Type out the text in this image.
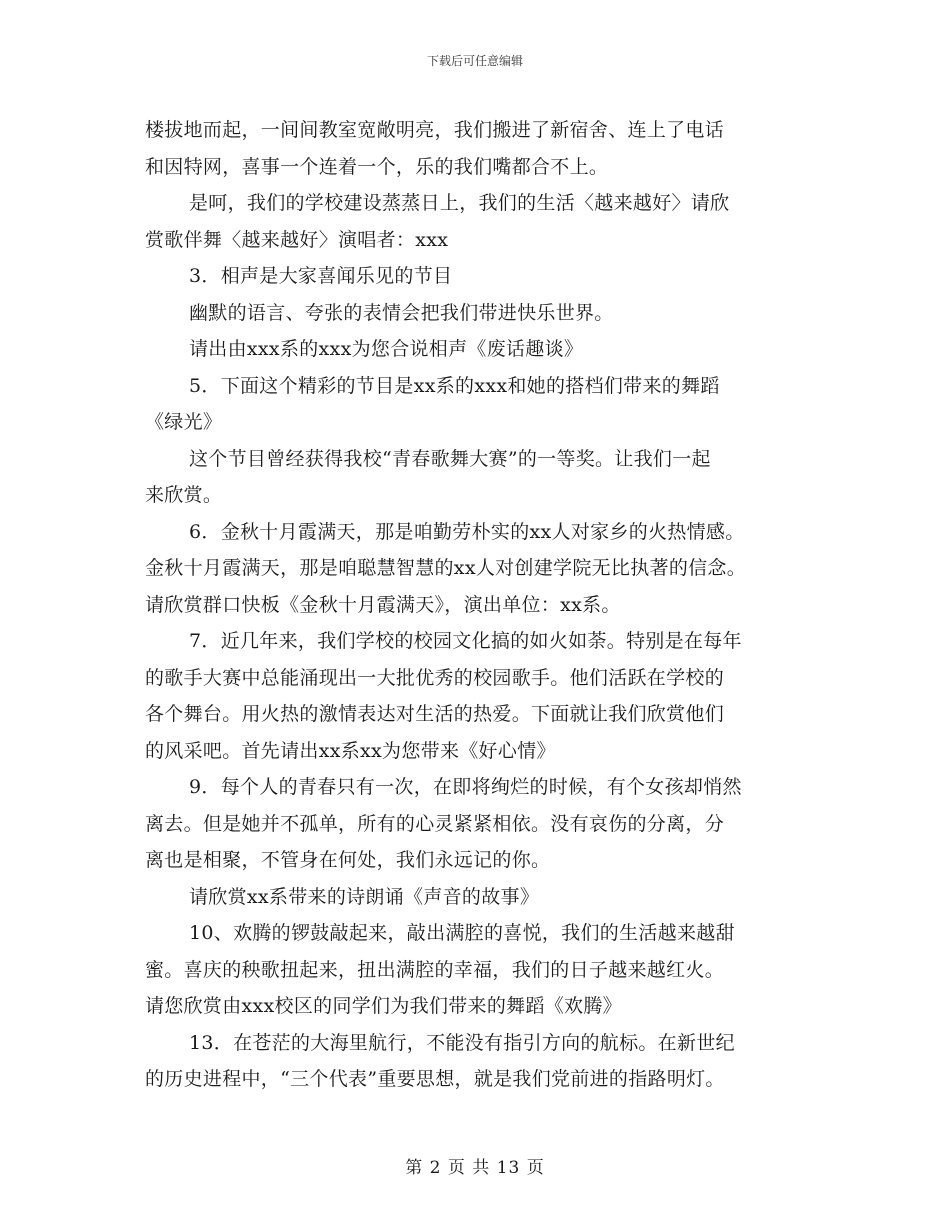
下载后可任意编辑
楼拔地而起，一间间教室宽敞明亮，我们搬进了新宿舍、连上了电话
和因特网，喜事一个连着一个，乐的我们嘴都合不上。
是呵，我们的学校建设蒸蒸日上，我们的生活〈越来越好〉请欣
赏歌伴舞〈越来越好〉演唱者：xxx
3．相声是大家喜闻乐见的节目
幽默的语言、夸张的表情会把我们带进快乐世界。
请出由xxx系的xxx为您合说相声《废话趣谈》
5．下面这个精彩的节目是xx系的xxx和她的搭档们带来的舞蹈
《绿光》
这个节目曾经获得我校“青春歌舞大赛”的一等奖。让我们一起
来欣赏。
6．金秋十月霞满天，那是咱勤劳朴实的xx人对家乡的火热情感。
金秋十月霞满天，那是咱聪慧智慧的xx人对创建学院无比执著的信念。
请欣赏群口快板《金秋十月霞满天》，演出单位：xx系。
7．近几年来，我们学校的校园文化搞的如火如荼。特别是在每年
的歌手大赛中总能涌现出一大批优秀的校园歌手。他们活跃在学校的
各个舞台。用火热的激情表达对生活的热爱。下面就让我们欣赏他们
的风采吧。首先请出xx系xx为您带来《好心情》
9．每个人的青春只有一次，在即将绚烂的时候，有个女孩却悄然
离去。但是她并不孤单，所有的心灵紧紧相依。没有哀伤的分离，分
离也是相聚，不管身在何处，我们永远记的你。
请欣赏xx系带来的诗朗诵《声音的故事》
10、欢腾的锣鼓敲起来，敲出满腔的喜悦，我们的生活越来越甜
蜜。喜庆的秧歌扭起来，扭出满腔的幸福，我们的日子越来越红火。
请您欣赏由xxx校区的同学们为我们带来的舞蹈《欢腾》
13．在苍茫的大海里航行，不能没有指引方向的航标。在新世纪
的历史进程中，“三个代表”重要思想，就是我们党前进的指路明灯。
第 2 页 共 13 页
